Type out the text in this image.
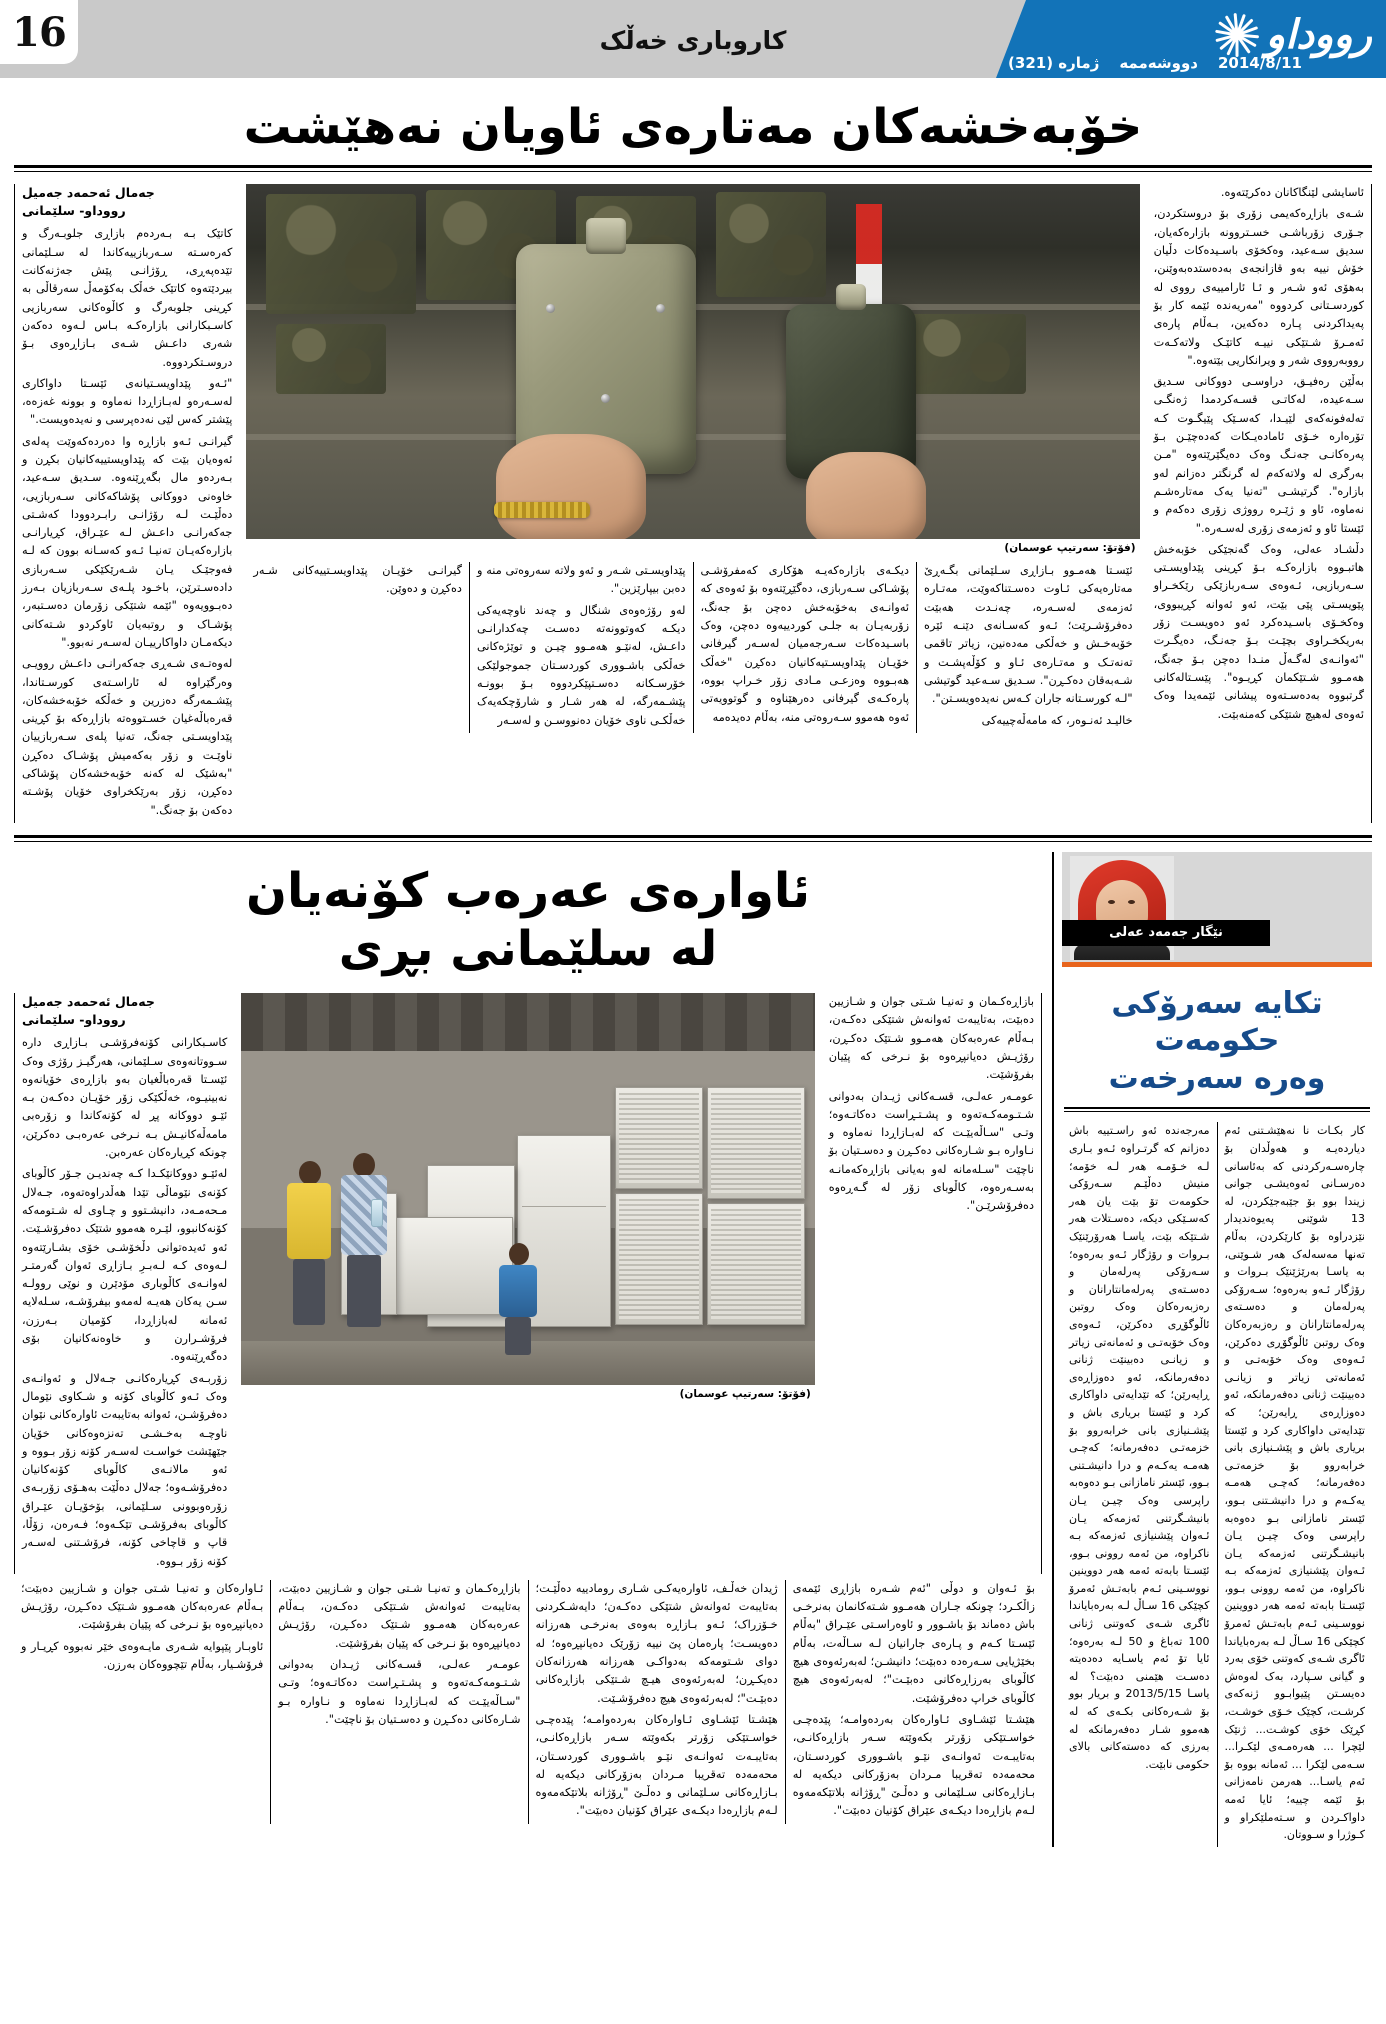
16	کاروباری خەڵک	رووداو
2014/8/11
دووشەممە
ژماره (321)
خۆبەخشەکان مەتارەی ئاویان نەهێشت

ئاسایشی لێنگاکانان دەکرێتەوە.

شـەی بازاڕەکەیمی زۆری بۆ دروستکردن، جـۆری زۆرباشـی خسـتروونه بازارەکەیان، سدیق سـەعید، وەکخۆی باسـیدەکات دڵیان خۆش نییە بەو قازانجەی بەدەستدەبەوێنن، بەهۆی ئەو شـەر و ئـا ئارامییەی رووی له کوردسـتانی کردووە "مەریەندە ئێمە کار بۆ پەیداکردنی پـارە دەکەین، بـەڵام پارەی ئەمـرۆ شـتێکی نییـه کاتێـک ولاتەکـەت رووبەرووی شەر و ویرانکاریی بێتەوە."

بەڵێن رەفیـق، دراوسـی دووکانی سـدیق سـەعیدە، لەکاتـی قسـەکردمدا ژەنگـی تەلەفونەکەی لێیـدا، کەسـێک پێیگـوت کـە تۆرەاره خـۆی ئامادەیـکات کەدەچێـن بـۆ پەرەکانـی جەنـگ وەک دەیگێرێتەوە "مـن بەرگری لە ولاتەکەم لە گرنگتر دەزانم لەو بازارە". گرتیشـی "تەنیا یەک مەتارەشـم نەماوە، ئاو و ژێـره رووژی زۆری دەکەم و ئێستا ئاو و ئەزمەی زۆری لەسـەرە."

دڵشـاد عەلی، وەک گەنجێکی خۆبەخش هاتبـووە بازارەکـە بـۆ کڕینی پێداویسـتی سـەربازیی، ئـەوەی سـەربازێکی رێکخـراو پێویسـتی پێی بێت، ئەو ئەوانە کڕیبووی، وەکخـۆی باسـیدەکرد ئەو دەویسـت زۆر بەریکخـراوی بچێـت بـۆ جەنـگ، دەیگـرت "ئەوانـەی لەگـەڵ منـدا دەچن بـۆ جەنگ، هەمـوو شـتێکمان کڕیـوە". پێسـتالەکانی گرتبووه بەدەسـتەوە پیشانی ئێمەیدا وەک ئەوەی لەهیچ شتێکی کەمنەبێت.

(فۆتۆ: سەرتیپ عوسمان)

ئێسـتا هەمـوو بـازاڕی سـلێمانی بگـەڕێ مەتارەیەکی ئـاوت دەسـتناکەوێت، مەتـاره ئەزمەی لەسـەرە، چەنـدت هەبێت دەفرۆشـرێت؛ ئـەو کەسـانەی دێنـه ئێره خۆبەخـش و خەڵکی مەدەنین، زیاتر تاقمی تەنەتـک و مەتـارەی ئـاو و کۆڵەپشـت و شـەبەقان دەکـڕن". سـدیق سـەعید گوتیشی "لـە کورسـتانە جاران کـەس نەیدەویسـتن".

خالیـد ئەنـوەر، کە مامەڵەچییەکی

دیکـەی بازارەکەیـە هۆکاری کەمفرۆشـی پۆشـاکی سـەربازی، دەگێڕێتەوە بۆ ئەوەی کە ئەوانـەی بەخۆبەخش دەچن بۆ جەنگ، زۆربەیـان بە جلـی کوردییەوە دەچن، وەک باسـیدەکات سـەرجەمیان لەسـەر گیرفانی خۆیـان پێداویسـتیەکانیان دەکڕن "خەڵک هەبـووە وەزعـی مـادی زۆر خـراپ بووە، پارەکـەی گیرفانی دەرهێناوە و گوتوویەتی ئەوە هەموو سـەروەتی منە، بەڵام دەیدەمە

پێداویسـتی شـەر و ئەو ولاتە سەروەتی منە و دەبن بیپارێزین".

لەو رۆژەوەی شنگال و چەند ناوچەیەکی دیکـە کەوتوونەتە دەسـت چەکدارانـی داعـش، لەنێـو هەمـوو چیـن و توێژەکانی خەڵکی باشـووری کوردسـتان جموجولێکی خۆرسـکانە دەسـتپێکردووە بـۆ بوونـه پێشـمەرگە، لە هەر شـار و شارۆچکەیەک خەڵکـی ناوی خۆیان دەنووسـن و لەسـەر

گیرانـی خۆیـان پێداویسـتییەکانی شـەر دەکڕن و دەوێن.

جەمال ئەحمەد جەمیل
رووداو- سلێمانی

کاتێک بـه بـەردەم بازاڕی جلوبـەرگ و کەرەسـتە سـەربازییەکاندا لە سـلێمانی تێدەپەڕی، ڕۆژانـی پێش جەژنەکانت بیردێتەوە کاتێک خەڵک بەکۆمەڵ سەرقاڵی بە کڕینی جلوبەرگ و کاڵوەکانی سەربازیی کاسـبکارانی بازارەکـه بـاس لـەوە دەکەن شەری داعـش شـەی بـازاڕەوی بـۆ دروسـتکردووە.

"ئـەو پێداویسـتیانەی ئێسـتا داواکاری لەسـەرەو لەبـازاڕدا نەماوە و بوونە غەزەه، پێشتر کەس لێی نەدەپرسی و نەیدەویست."

گیرانـی ئـەو بازاڕە وا دەردەکەوێت پەلەی ئەوەیان بێت که پێداویستییەکانیان بکڕن و بـەردەو مال بگەڕێنەوە. سـدیق سـەعید، خاوەنی دووکانی پۆشاکەکانی سـەربازیی، دەڵێـت لـە رۆژانـی رابـردوودا کەشـتی جەکەرانـی داعـش لـە عێـراق، کڕیارانـی بازارەکەیـان تەنیـا ئـەو کەسـانە بوون کە لـە فەوجێـک یـان شـەرێکێکی سـەربازی دادەسـترێن، باخـود پلـەی سـەربازیان بـەرز دەبـوویەوە "ئێمە شتێکی زۆرمان دەسـتبەر، پۆشـاک و روتبەیان ئاوکردو شـتەکانی دیکەمـان داواکارییـان لەسـەر نەبوو."

لەوەتـەی شـەڕی جەکەرانـی داعـش روویـی وەرگێراوە لە ئاراسـتەی کورسـتاندا، پێشـمەرگە دەزرین و خەڵکە خۆبەخشەکان، قەرەباڵەغیان خسـتووەتە بازاڕەکە بۆ کڕینی پێداویسـتی جەنگ، تەنیا پلەی سـەربازییان ناوێـت و زۆر بەکەمیش پۆشـاک دەکڕن "بەشێک له کەنە خۆبەخشەکان پۆشاکی دەکڕن، زۆر بەرێکخراوی خۆیان پۆشـتە دەکەن بۆ جەنگ."

نێگار جەمەد عەلی
تکایە سەرۆکی حکومەت
وەرە سەرخەت

کار بکـات نا نەهێشـتنی ئەم دیاردەیـه و هەوڵدان بۆ چارەسـەرکردنی کە بەئاسانی دەرسـانی ئەوەیشـی جوانی زیندا بوو بۆ جێبەجێکردن، لە 13 شوێنی پەیوەندیدار نێزدراوه بۆ کارێکردن، بەڵام تەنها مەسەلەک هەر شـوێنی، بە یاسـا بەرێژێنێک بـروات و رۆژگار ئـەو بەرەوە؛ سـەرۆکی پەرلەمان و دەسـتەی پەرلەمانتارانان و رەزبەرەکان وەک روتبن ئاڵوگۆڕی دەکرێن، ئـەوەی وەک خۆبەتـی و ئەمانەتی زیاتر و زیانـی دەبینێت ژنانی دەفەرمانکە، ئەو دەوزاڕەی ڕایەرێن؛ کە تێدایەتی داواکاری کرد و ئێستا بریاری باش و پێشـنیازی بانی خرابەروو بۆ خزمەتـی دەفەرمانە؛ کەچـی هەمـه یەکـەم و درا دانیشـتنی بـوو، ئێستر نامازانی بـو دەوەبە راپرسی وەک چیـن یـان بانیشـگرتنی ئەزمەکە یـان ئـەوان پێشنیازی ئەزمەکە بـە ناکراوە، من ئەمە روونی بـوو، ئێسـتا بابەتە ئەمە هەر دووینین نووسـینی ئـەم بابەتـش ئەمرۆ کچێکی 16 سـاڵ لـە بەرەبایاندا ئاگری شـەی کەوتنی خۆی بەرد و گیانی سـپارد، بەک لەوەش دەیسـتن پێیوابـوو ژنەکەی کرشـت، کچێک خـۆی خوشـت، کڕێک خۆی کوشـت... ژنێک لێچرا ... هەرەمـەی لێکـرا... سـەمی لێکرا ... ئەمانە بووە بۆ ئەم یاسـا... هەرمن نامەزانی بۆ ئێمە چییە؛ ئایا ئەمە داواکـردن و سـتەملێکراو و کـوژرا و سـووتان.

مەرجەندە ئەو راسـتییە باش دەزانم کە گرتـراوە ئـەو بـاری لـه خـۆمـه هەر لـە خۆمە؛ منیش دەڵێـم سـەرۆکی حکومەت تۆ بێت یان هەر کەسـێکی دیکە، دەسـتلات هەر شـتێکە بێت، یاسـا هەرۆرێنێک بـروات و رۆژگار ئـەو بەرەوە؛ سـەرۆکی پەرلەمان و دەسـتەی پەرلەمانتارانان و رەزبەرەکان وەک روتبن ئاڵوگۆڕی دەکرێن، ئـەوەی وەک خۆبەتـی و ئەمانەتی زیاتر و زیانـی دەبینێت ژنانی دەفەرمانکە، ئەو دەوزاڕەی ڕایەرێن؛ کە تێدایەتی داواکاری کرد و ئێستا بریاری باش و پێشـنیازی بانی خرابەروو بۆ خزمەتـی دەفەرمانە؛ کەچـی هەمـه یەکـەم و درا دانیشـتنی بـوو، ئێستر نامازانی بـو دەوەبە راپرسی وەک چیـن یـان بانیشـگرتنی ئەزمەکە یـان ئـەوان پێشنیازی ئەزمەکە بـە ناکراوە، من ئەمە روونی بـوو، ئێسـتا بابەتە ئەمە هەر دووینین نووسـینی ئـەم بابەتـش ئەمرۆ کچێکی 16 سـاڵ لـە بەرەبایاندا ئاگری شـەی کەوتنی ژنانی 100 تەباغ و 50 لـه بەرەوە؛ ئایا تۆ ئەم یاسـایە دەدەیتە دەسـت هێمنی دەبێت؟ لە یاسـا 2013/5/15 و بریار بوو بۆ شـەرەکانی بکـەی کە لە هەموو شـار دەفەرمانکە لە بەرزی کە دەستەکانی بالای حکومی نابێت.

ئاوارەی عەرەب کۆنەیان
لە سلێمانی بڕی

بازاڕەکـمان و تەنیـا شـتی جوان و شـازیین دەبێت، بەتایبەت ئەوانەش شتێکی دەکـەن، بـەڵام عەرەبەکان هەمـوو شـتێک دەکـڕن، رۆژیـش دەیانپڕەوە بۆ نـرخی کە پێیان بفرۆشێت.

عومـەر عەلـی، قسـەکانی ژیـدان بەدوانی شـتـومەکـەتەوە و پشـتـڕاست دەکاتـەوە؛ وتـی "سـاڵەیێـت کە لەبـازاڕدا نەماوە و نـاوارە بـو شـارەکانی دەکـڕن و دەسـتیان بۆ ناچێت "سـلەمانە لەو بەیانی بازاڕەکەمانـە بەسـەرەوە، کاڵوبای زۆر لە گـەڕەوە دەفرۆشرێـن".

(فۆتۆ: سەرتیپ عوسمان)
جەمال ئەحمەد جەمیل
رووداو- سلێمانی

کاسـبکارانی کۆنەفرۆشـی بـازاڕی دارە سـووتانەوەی سـلێمانی، هەرگیـز رۆژی وەک ئێسـتا قەرەباڵغیان بەو بازاڕەی خۆیانەوە نەبینیـوە، خەڵکێکی زۆر خۆیـان دەکـەن بـە ئێـو دووکانە پڕ له کۆنەکاندا و زۆرەبی مامەڵەکانیـش بـە نـرخی عەرەبـی دەکرێن، چونکە کڕیارەکان عەرەبن.

لەئێـو دووکانێکـدا کـە چەندیـن جـۆر کاڵوبای کۆنەی نێوماڵی تێدا هەڵدراوەتەوە، جـەلال مـحەمـەد، دانیشـتوو و چـاوی له شـتومەکە کۆنەکانبوو، لێـره هەموو شتێک دەفرۆشـێت. ئەو ئەیدەتوانی دڵخۆشـی خۆی بشـارێتەوە لـەوەی کـە لـەبـرِ بـازاڕی ئەوان گەرمتـر لەوانـەی کاڵوباری مۆدێرن و نوێی روولـە سـن یەکان هەیـه لەمەو بیفرۆشـە، سـلەلایە ئەمانە لەبازاڕدا، کۆمیان بـەرزن، فرۆشـرارن و خاوەنەکانیان بۆی دەگەڕێنەوە.

زۆربـەی کڕیارەکانـی جـەلال و ئەوانـەی وەک ئـەو کاڵوبای کۆنە و شـکاوی نێومال دەفرۆشـن، ئەوانە بەتایبەت ئاوارەکانی نێوان ناوچـه بەخـشـی تەنزەوەکانی خۆیان جێهێشت خواسـت لەسـەر کۆنە زۆر بـووه و ئەو مالانـەی کاڵوبای کۆنەکانیان دەفرۆشـەوە؛ جەلال دەڵێت بەهـۆی زۆربـەی زۆرەوبوونی سـلێمانی، بۆخۆیـان عێـراق کاڵوبای بەفرۆشـی تێکـەوە؛ فـەرەن، زۆڵا، قاپ و قاچاخی کۆنە، فرۆشـتنی لەسـەر کۆنە زۆر بـووە.

بۆ ئـەوان و دوڵی "ئەم شـەرە بازاڕی ئێمەی زاڵکـرد؛ چونکە جـاران هەمـوو شـتەکانمان بەنرخـی باش دەماند بۆ باشـوور و ئاوەراسـتی عێـراق "بەڵام ئێسـتا کـەم و پـارەی جارانیان لـە سـاڵەت، بەڵام بخێژیایی سـەرەدە دەبێت؛ دانیشـن؛ لەبەرئەوەی هیچ کاڵوبای بەرزاڕەکانی دەبێـت"؛ لەبەرئەوەی هیچ کاڵوبای خراپ دەفرۆشێت.

هێشـتا ئێشـاوی ئـاوارەکان بەردەوامـە؛ پێدەچـی خواسـتێکی زۆرتر بکەوێتە سـەر بازاڕەکانـی، بەتایبـەت ئەوانـەی نێـو باشـووری کوردسـتان، محەمەدە تەقریبا مـردان بەزۆرکانی دیکەیە لە بـازاڕەکانی سـلێمانی و دەڵـێ "ڕۆژانە بلاتێکەمەوە لـەم بازاڕەدا دیکـەی عێراق کۆنیان دەبێت".

ژیدان خەڵـف، ئاوارەیەکـی شـاری رومادییە دەڵێـت؛ بەتایبەت ئەوانەش شتێکی دەکـەن؛ دایەشـکردنی خـۆزراک؛ ئـەو بـازاڕە بەوەی بەنرخـی هەرزانە دەویسـت؛ پارەمان پێ نییە زۆرێک دەیانپڕەوە؛ لە دوای شـتومەکە بەدواکـی هەرزانە هەرزانەکان دەیکـڕن؛ لەبەرئەوەی هیـچ شـتێکی بازاڕەکانی دەبێـت"؛ لەبەرئەوەی هیچ دەفرۆشـێت.

هێشـتا ئێشـاوی ئـاوارەکان بەردەوامـە؛ پێدەچـی خواسـتێکی زۆرتر بکەوێتە سـەر بازاڕەکانـی، بەتایبـەت ئەوانـەی نێـو باشـووری کوردسـتان، محەمەدە تەقریبا مـردان بەزۆرکانی دیکەیە لە بـازاڕەکانی سـلێمانی و دەڵـێ "ڕۆژانە بلاتێکەمەوە لـەم بازاڕەدا دیکـەی عێراق کۆنیان دەبێت".

بازاڕەکـمان و تەنیـا شـتی جوان و شـازیین دەبێت، بەتایبەت ئەوانەش شـتێکی دەکـەن، بـەڵام عەرەبەکان هەمـوو شـتێک دەکـڕن، رۆژیـش دەیانپڕەوە بۆ نـرخی کە پێیان بفرۆشێت.

عومـەر عەلـی، قسـەکانی ژیـدان بەدوانی شـتـومەکـەتەوە و پشـتـڕاست دەکاتـەوە؛ وتـی "سـاڵەیێـت کە لەبـازاڕدا نەماوە و نـاوارە بـو شـارەکانی دەکـڕن و دەسـتیان بۆ ناچێت".

ئـاوارەکان و تەنیـا شـتی جوان و شـازیین دەبێت؛ بـەڵام عەرەبەکان هەمـوو شـتێک دەکـڕن، رۆژیـش دەیانپڕەوە بۆ نـرخی کە پێیان بفرۆشێت.

ئاوبـار پێپوایە شـەری مایـەوەی خێر نەبووە کڕیـار و فرۆشـیار، بەڵام تێچووەکان بەرزن.
